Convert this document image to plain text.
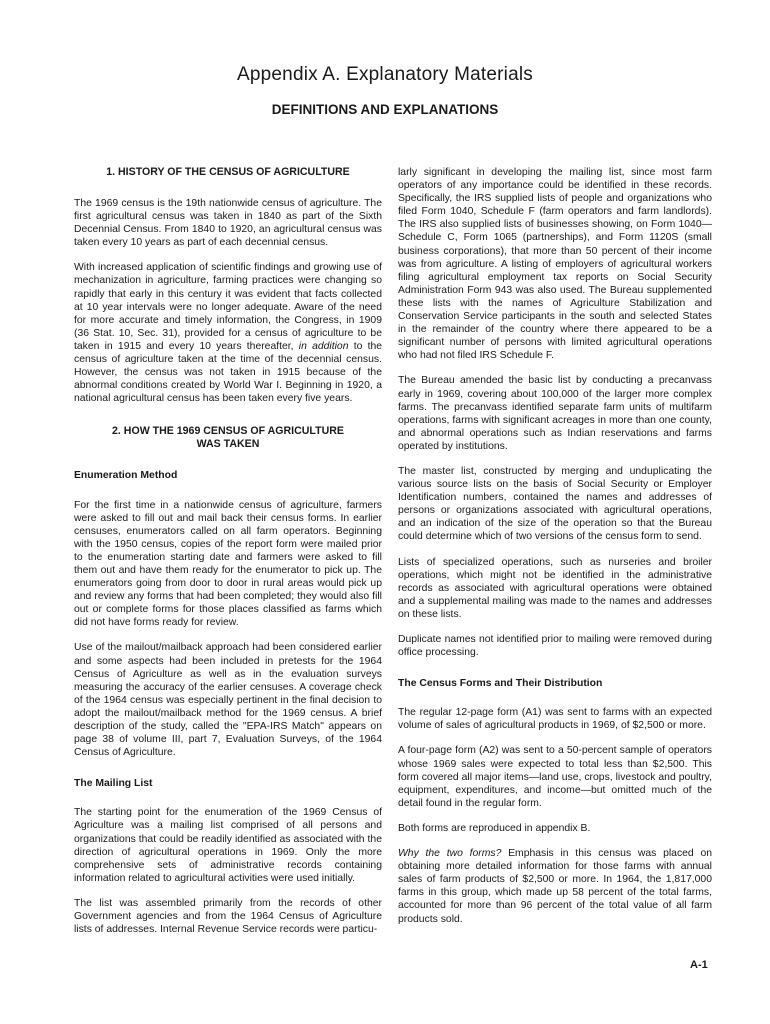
Appendix A. Explanatory Materials
DEFINITIONS AND EXPLANATIONS
1. HISTORY OF THE CENSUS OF AGRICULTURE

The 1969 census is the 19th nationwide census of agriculture. The first agricultural census was taken in 1840 as part of the Sixth Decennial Census. From 1840 to 1920, an agricultural census was taken every 10 years as part of each decennial census.

With increased application of scientific findings and growing use of mechanization in agriculture, farming practices were changing so rapidly that early in this century it was evident that facts collected at 10 year intervals were no longer adequate. Aware of the need for more accurate and timely information, the Congress, in 1909 (36 Stat. 10, Sec. 31), provided for a census of agriculture to be taken in 1915 and every 10 years thereafter, in addition to the census of agriculture taken at the time of the decennial census. However, the census was not taken in 1915 because of the abnormal conditions created by World War I. Beginning in 1920, a national agricultural census has been taken every five years.

2. HOW THE 1969 CENSUS OF AGRICULTURE
WAS TAKEN
Enumeration Method

For the first time in a nationwide census of agriculture, farmers were asked to fill out and mail back their census forms. In earlier censuses, enumerators called on all farm operators. Beginning with the 1950 census, copies of the report form were mailed prior to the enumeration starting date and farmers were asked to fill them out and have them ready for the enumerator to pick up. The enumerators going from door to door in rural areas would pick up and review any forms that had been completed; they would also fill out or complete forms for those places classified as farms which did not have forms ready for review.

Use of the mailout/mailback approach had been considered earlier and some aspects had been included in pretests for the 1964 Census of Agriculture as well as in the evaluation surveys measuring the accuracy of the earlier censuses. A coverage check of the 1964 census was especially pertinent in the final decision to adopt the mailout/mailback method for the 1969 census. A brief description of the study, called the "EPA-IRS Match" appears on page 38 of volume III, part 7, Evaluation Surveys, of the 1964 Census of Agriculture.

The Mailing List

The starting point for the enumeration of the 1969 Census of Agriculture was a mailing list comprised of all persons and organizations that could be readily identified as associated with the direction of agricultural operations in 1969. Only the more comprehensive sets of administrative records containing information related to agricultural activities were used initially.

The list was assembled primarily from the records of other Government agencies and from the 1964 Census of Agriculture lists of addresses. Internal Revenue Service records were particu-

larly significant in developing the mailing list, since most farm operators of any importance could be identified in these records. Specifically, the IRS supplied lists of people and organizations who filed Form 1040, Schedule F (farm operators and farm landlords). The IRS also supplied lists of businesses showing, on Form 1040—Schedule C, Form 1065 (partnerships), and Form 1120S (small business corporations), that more than 50 percent of their income was from agriculture. A listing of employers of agricultural workers filing agricultural employment tax reports on Social Security Administration Form 943 was also used. The Bureau supplemented these lists with the names of Agriculture Stabilization and Conservation Service participants in the south and selected States in the remainder of the country where there appeared to be a significant number of persons with limited agricultural operations who had not filed IRS Schedule F.

The Bureau amended the basic list by conducting a precanvass early in 1969, covering about 100,000 of the larger more complex farms. The precanvass identified separate farm units of multifarm operations, farms with significant acreages in more than one county, and abnormal operations such as Indian reservations and farms operated by institutions.

The master list, constructed by merging and unduplicating the various source lists on the basis of Social Security or Employer Identification numbers, contained the names and addresses of persons or organizations associated with agricultural operations, and an indication of the size of the operation so that the Bureau could determine which of two versions of the census form to send.

Lists of specialized operations, such as nurseries and broiler operations, which might not be identified in the administrative records as associated with agricultural operations were obtained and a supplemental mailing was made to the names and addresses on these lists.

Duplicate names not identified prior to mailing were removed during office processing.

The Census Forms and Their Distribution

The regular 12-page form (A1) was sent to farms with an expected volume of sales of agricultural products in 1969, of $2,500 or more.

A four-page form (A2) was sent to a 50-percent sample of operators whose 1969 sales were expected to total less than $2,500. This form covered all major items—land use, crops, livestock and poultry, equipment, expenditures, and income—but omitted much of the detail found in the regular form.

Both forms are reproduced in appendix B.

Why the two forms? Emphasis in this census was placed on obtaining more detailed information for those farms with annual sales of farm products of $2,500 or more. In 1964, the 1,817,000 farms in this group, which made up 58 percent of the total farms, accounted for more than 96 percent of the total value of all farm products sold.

A-1
